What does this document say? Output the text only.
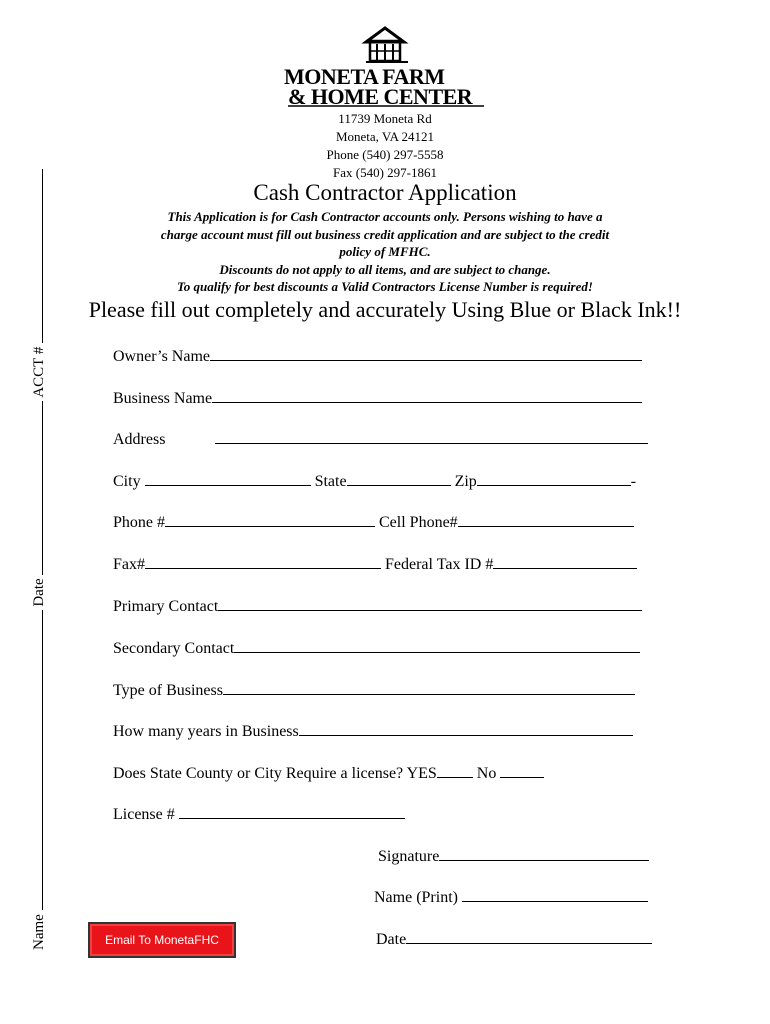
MONETA FARM
& HOME CENTER
11739 Moneta Rd
Moneta, VA 24121
Phone (540) 297-5558
Fax (540) 297-1861
Cash Contractor Application
This Application is for Cash Contractor accounts only. Persons wishing to have a
charge account must fill out business credit application and are subject to the credit
policy of MFHC.
Discounts do not apply to all items, and are subject to change.
To qualify for best discounts a Valid Contractors License Number is required!
Please fill out completely and accurately Using Blue or Black Ink!!
Owner’s Name
Business Name
Address
City	State	Zip	-
Phone #	Cell Phone#
Fax#	Federal Tax ID #
Primary Contact
Secondary Contact
Type of Business
How many years in Business
Does State County or City Require a license? YES	No
License #
Signature
Name (Print)
Date
Name  Date  ACCT #
Email To MonetaFHC
